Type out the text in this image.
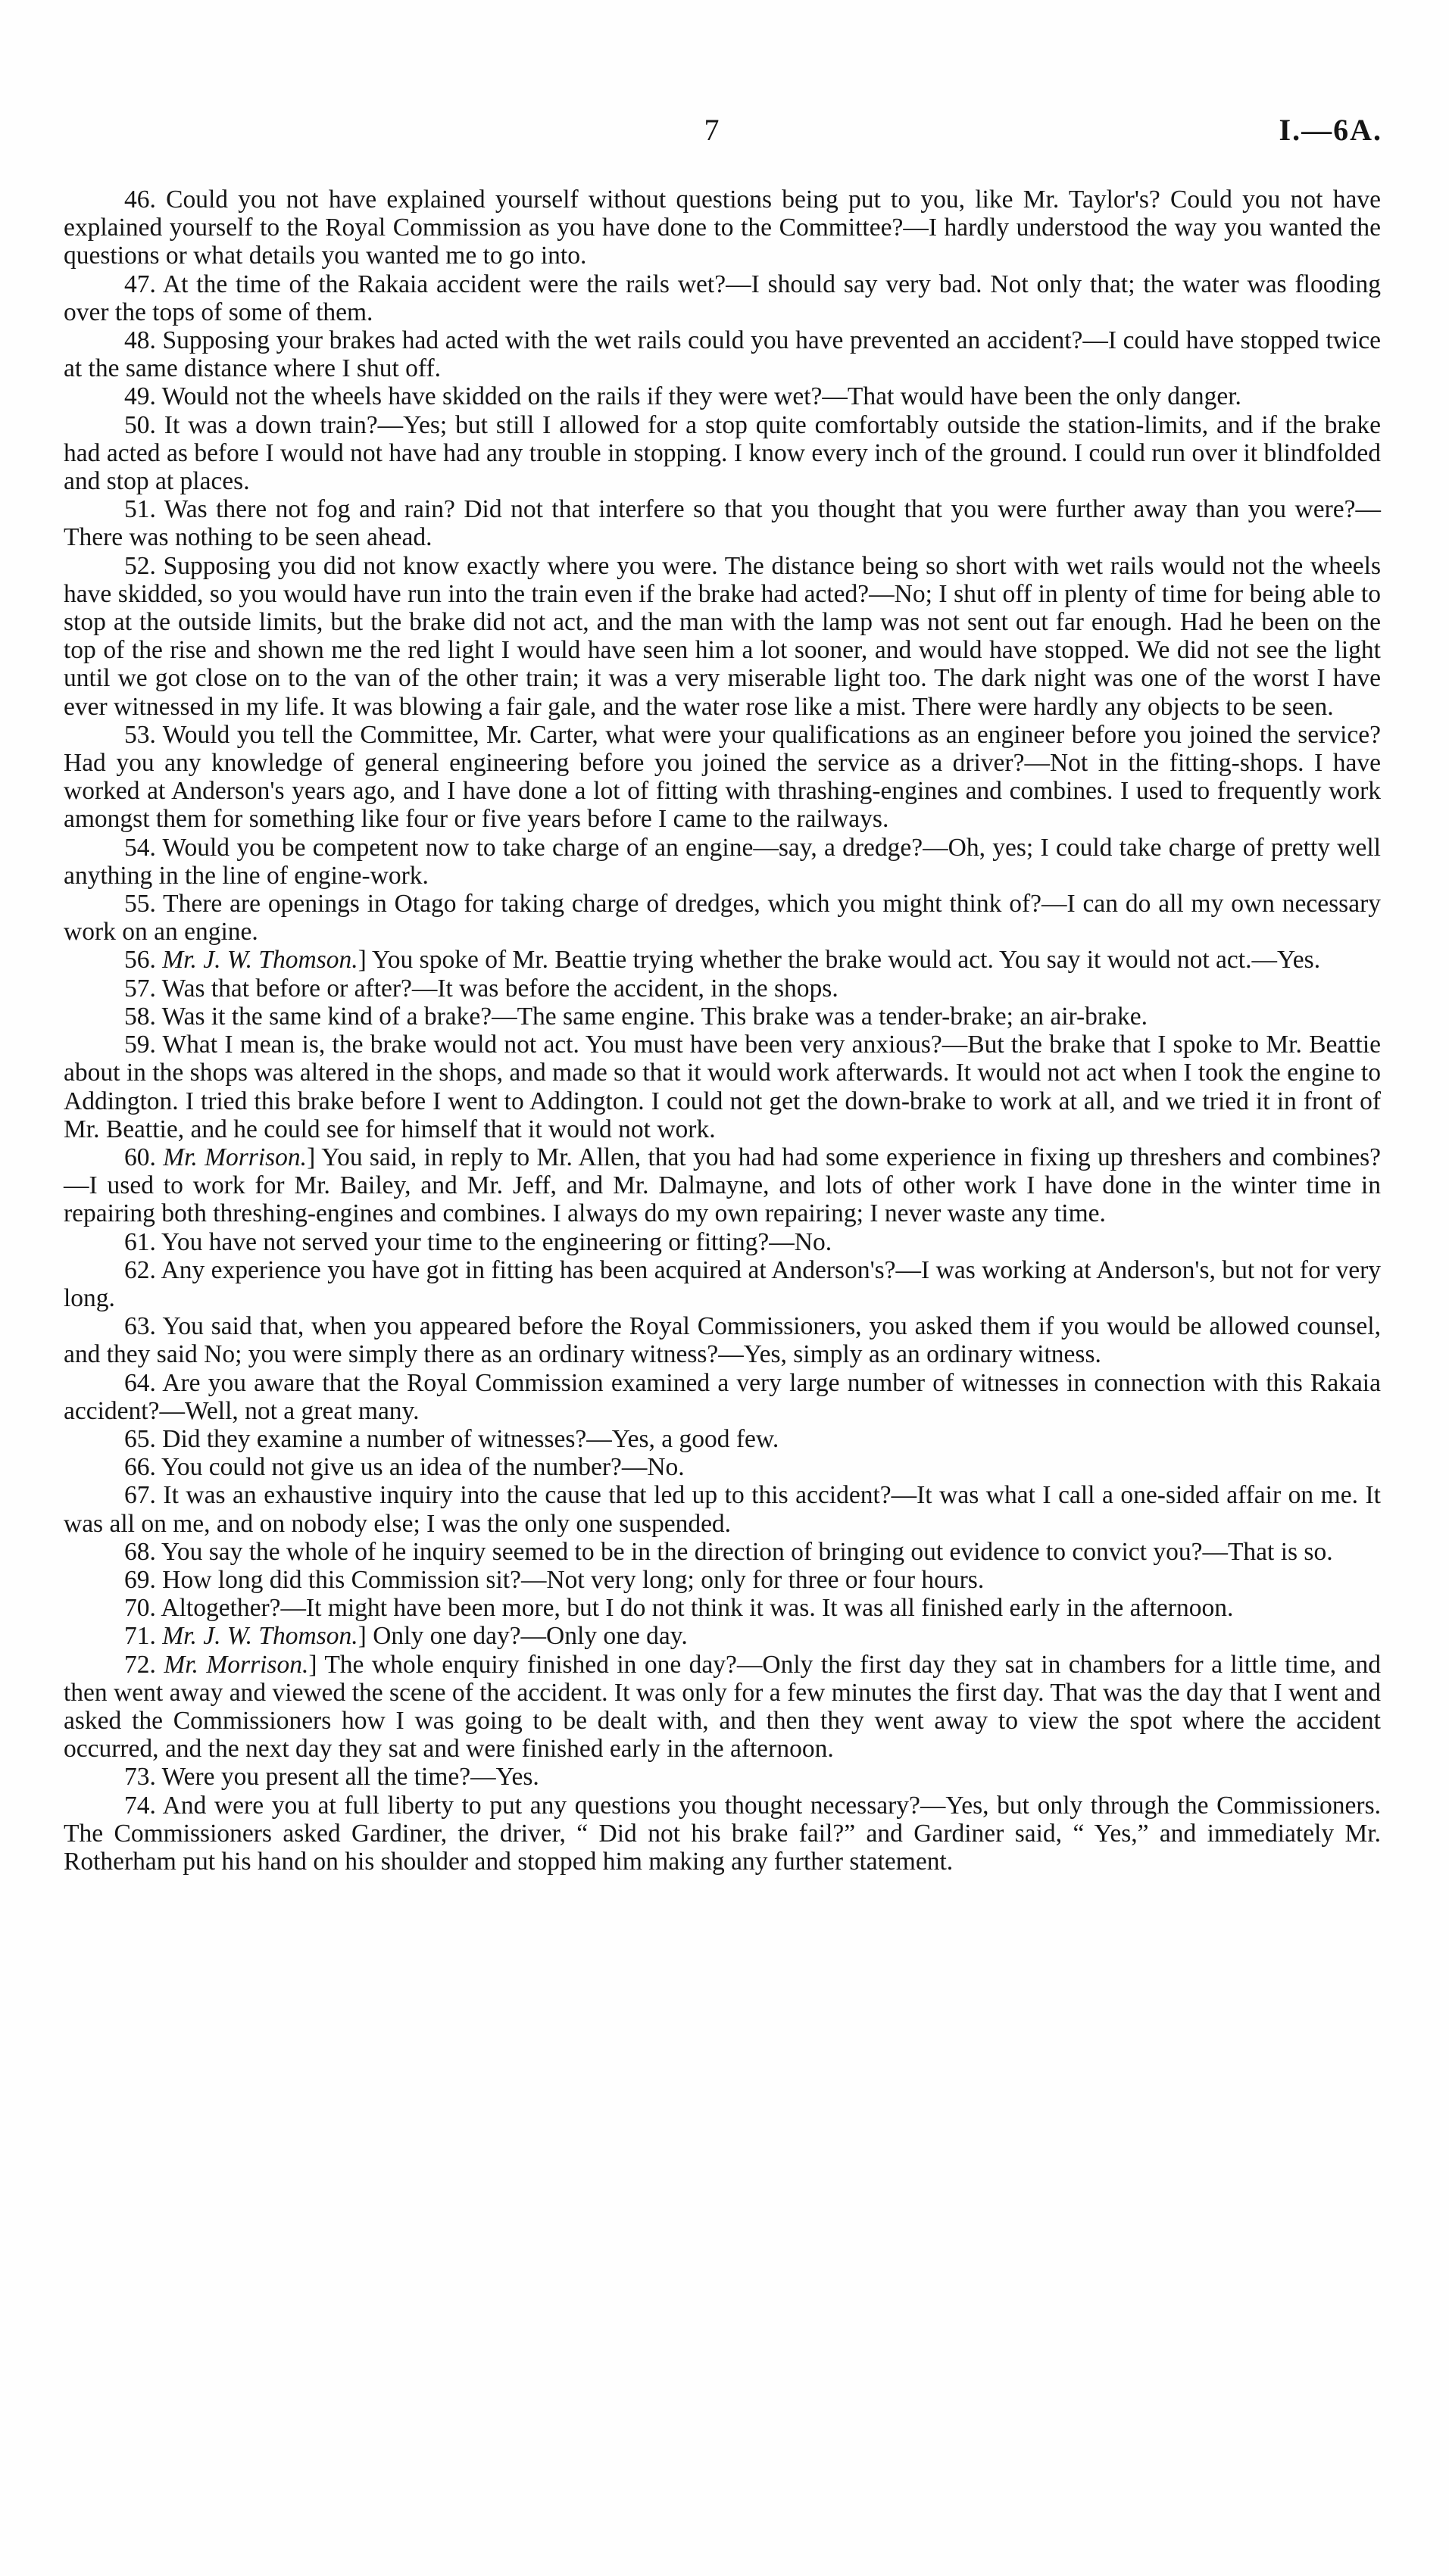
7	I.—6A.

46. Could you not have explained yourself without questions being put to you, like Mr. Taylor's? Could you not have explained yourself to the Royal Commission as you have done to the Committee?—I hardly understood the way you wanted the questions or what details you wanted me to go into.

47. At the time of the Rakaia accident were the rails wet?—I should say very bad. Not only that; the water was flooding over the tops of some of them.

48. Supposing your brakes had acted with the wet rails could you have prevented an accident?—I could have stopped twice at the same distance where I shut off.

49. Would not the wheels have skidded on the rails if they were wet?—That would have been the only danger.

50. It was a down train?—Yes; but still I allowed for a stop quite comfortably outside the station-limits, and if the brake had acted as before I would not have had any trouble in stopping. I know every inch of the ground. I could run over it blindfolded and stop at places.

51. Was there not fog and rain? Did not that interfere so that you thought that you were further away than you were?—There was nothing to be seen ahead.

52. Supposing you did not know exactly where you were. The distance being so short with wet rails would not the wheels have skidded, so you would have run into the train even if the brake had acted?—No; I shut off in plenty of time for being able to stop at the outside limits, but the brake did not act, and the man with the lamp was not sent out far enough. Had he been on the top of the rise and shown me the red light I would have seen him a lot sooner, and would have stopped. We did not see the light until we got close on to the van of the other train; it was a very miserable light too. The dark night was one of the worst I have ever witnessed in my life. It was blowing a fair gale, and the water rose like a mist. There were hardly any objects to be seen.

53. Would you tell the Committee, Mr. Carter, what were your qualifications as an engineer before you joined the service? Had you any knowledge of general engineering before you joined the service as a driver?—Not in the fitting-shops. I have worked at Anderson's years ago, and I have done a lot of fitting with thrashing-engines and combines. I used to frequently work amongst them for something like four or five years before I came to the railways.

54. Would you be competent now to take charge of an engine—say, a dredge?—Oh, yes; I could take charge of pretty well anything in the line of engine-work.

55. There are openings in Otago for taking charge of dredges, which you might think of?—I can do all my own necessary work on an engine.

56. Mr. J. W. Thomson.] You spoke of Mr. Beattie trying whether the brake would act. You say it would not act.—Yes.

57. Was that before or after?—It was before the accident, in the shops.

58. Was it the same kind of a brake?—The same engine. This brake was a tender-brake; an air-brake.

59. What I mean is, the brake would not act. You must have been very anxious?—But the brake that I spoke to Mr. Beattie about in the shops was altered in the shops, and made so that it would work afterwards. It would not act when I took the engine to Addington. I tried this brake before I went to Addington. I could not get the down-brake to work at all, and we tried it in front of Mr. Beattie, and he could see for himself that it would not work.

60. Mr. Morrison.] You said, in reply to Mr. Allen, that you had had some experience in fixing up threshers and combines?—I used to work for Mr. Bailey, and Mr. Jeff, and Mr. Dalmayne, and lots of other work I have done in the winter time in repairing both threshing-engines and combines. I always do my own repairing; I never waste any time.

61. You have not served your time to the engineering or fitting?—No.

62. Any experience you have got in fitting has been acquired at Anderson's?—I was working at Anderson's, but not for very long.

63. You said that, when you appeared before the Royal Commissioners, you asked them if you would be allowed counsel, and they said No; you were simply there as an ordinary witness?—Yes, simply as an ordinary witness.

64. Are you aware that the Royal Commission examined a very large number of witnesses in connection with this Rakaia accident?—Well, not a great many.

65. Did they examine a number of witnesses?—Yes, a good few.

66. You could not give us an idea of the number?—No.

67. It was an exhaustive inquiry into the cause that led up to this accident?—It was what I call a one-sided affair on me. It was all on me, and on nobody else; I was the only one suspended.

68. You say the whole of he inquiry seemed to be in the direction of bringing out evidence to convict you?—That is so.

69. How long did this Commission sit?—Not very long; only for three or four hours.

70. Altogether?—It might have been more, but I do not think it was. It was all finished early in the afternoon.

71. Mr. J. W. Thomson.] Only one day?—Only one day.

72. Mr. Morrison.] The whole enquiry finished in one day?—Only the first day they sat in chambers for a little time, and then went away and viewed the scene of the accident. It was only for a few minutes the first day. That was the day that I went and asked the Commissioners how I was going to be dealt with, and then they went away to view the spot where the accident occurred, and the next day they sat and were finished early in the afternoon.

73. Were you present all the time?—Yes.

74. And were you at full liberty to put any questions you thought necessary?—Yes, but only through the Commissioners. The Commissioners asked Gardiner, the driver, “ Did not his brake fail?” and Gardiner said, “ Yes,” and immediately Mr. Rotherham put his hand on his shoulder and stopped him making any further statement.
